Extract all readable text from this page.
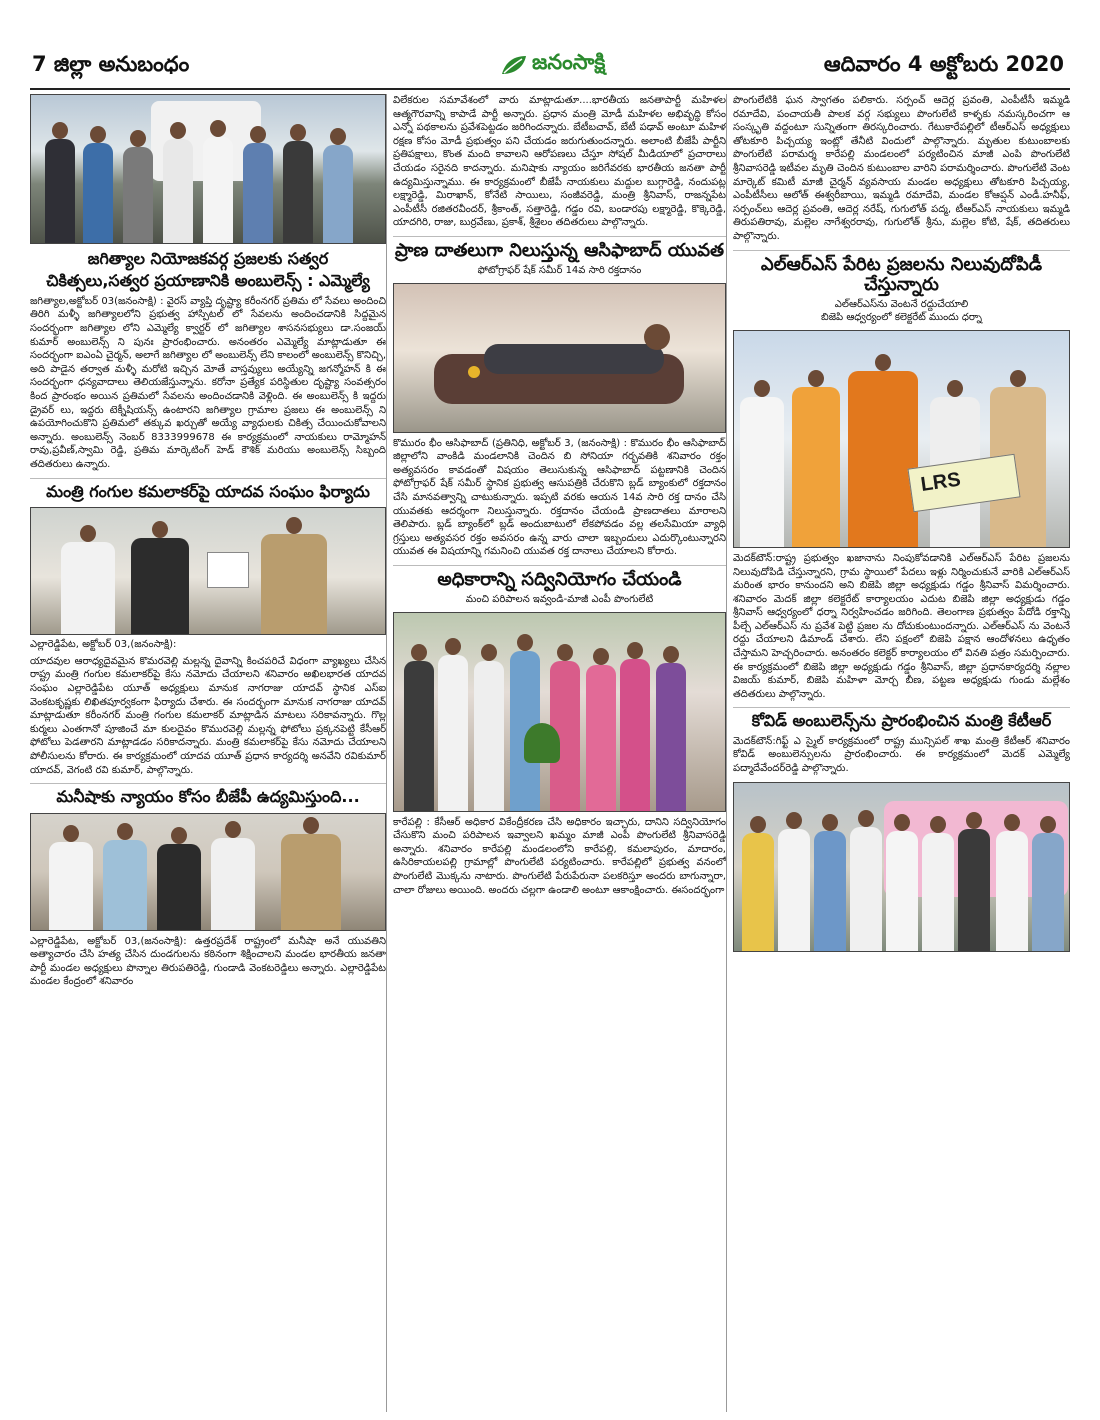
7 జిల్లా అనుబంధం	జనంసాక్షి	ఆదివారం 4 అక్టోబరు 2020
జగిత్యాల నియోజకవర్గ ప్రజలకు సత్వర
చికిత్సలు,సత్వర ప్రయాణానికి అంబులెన్స్ : ఎమ్మెల్యే
జగిత్యాల,అక్టోబర్ 03(జనంసాక్షి) : వైరస్ వ్యాప్తి దృష్ట్యా కరీంనగర్ ప్రతిమ లో సేవలు అందించి తిరిగి మళ్ళీ జగిత్యాలలోని ప్రభుత్వ హాస్పిటల్ లో సేవలను అందించడానికి సిద్దమైన సందర్భంగా జగిత్యాల లోని ఎమ్మెల్యే క్వార్టర్ లో జగిత్యాల శాసనసభ్యులు డా.సంజయ్ కుమార్ అంబులెన్స్ ని పునః ప్రారంభించారు. అనంతరం ఎమ్మెల్యే మాట్లాడుతూ ఈ సందర్భంగా ఐఎంఏ చైర్మన్, అలాగే జగిత్యాల లో అంబులెన్స్ లేని కాలంలో అంబులెన్స్ కొనిచ్చి, అది పాడైన తర్వాత మళ్ళీ మరోటి ఇచ్చిన మోతే వాస్తవ్యులు అయ్యేన్ని జగన్మోహన్ కి ఈ సందర్భంగా ధన్యవాదాలు తెలియజేస్తున్నాను. కరోనా ప్రత్యేక పరిస్థితుల దృష్ట్యా సంవత్సరం కింద ప్రారంభం అయిన ప్రతిమలో సేవలను అందించడానికి వెళ్లింది. ఈ అంబులెన్స్ కి ఇద్దరు డ్రైవర్ లు, ఇద్దరు టెక్నీషియన్స్ ఉంటారని జగిత్యాల గ్రామాల ప్రజలు ఈ అంబులెన్స్ ని ఉపయోగించుకొని ప్రతిమలో తక్కువ ఖర్చుతో అయ్యే వ్యాధులకు చికిత్స చేయించుకోవాలని అన్నారు. అంబులెన్స్ నెంబర్ 8333999678 ఈ కార్యక్రమంలో నాయకులు రామ్మోహన్ రావు,ప్రవీణ్,స్వామి రెడ్డి, ప్రతిమ మార్కెటింగ్ హెడ్ కౌశిక్ మరియు అంబులెన్స్ సిబ్బంది తదితరులు ఉన్నారు.
మంత్రి గంగుల కమలాకర్‌పై యాదవ సంఘం ఫిర్యాదు
ఎల్లారెడ్డిపేట, అక్టోబర్ 03,(జనంసాక్షి):
యాదవుల ఆరాధ్యదైవమైన కొమరవెల్లి మల్లన్న దైవాన్ని కించపరిచే విధంగా వ్యాఖ్యలు చేసిన రాష్ట్ర మంత్రి గంగుల కమలాకర్‌పై కేసు నమోదు చేయాలని శనివారం అఖిలభారత యాదవ సంఘం ఎల్లారెడ్డిపేట యూత్ అధ్యక్షులు మానుక నాగరాజు యాదవ్ స్థానిక ఎస్ఐ వెంకటకృష్ణకు లిఖితపూర్వకంగా ఫిర్యాదు చేశారు. ఈ సందర్భంగా మానుక నాగరాజు యాదవ్ మాట్లాడుతూ కరీంనగర్ మంత్రి గంగుల కమలాకర్ మాట్లాడిన మాటలు సరికావన్నారు. గొల్ల కుర్మలు ఎంతగానో పూజించే మా కులదైవం కొమురవెల్లి మల్లన్న ఫోటోలు ప్రక్కనపెట్టి కేసీఆర్ ఫోటోలు పెడతారని మాట్లాడడం సరికాదన్నారు. మంత్రి కమలాకర్‌పై కేసు నమోదు చేయాలని పోలీసులను కోరారు. ఈ కార్యక్రమంలో యాదవ యూత్ ప్రధాన కార్యదర్శి అనవేని రవికుమార్ యాదవ్, వెగంటి రవి కుమార్, పాల్గొన్నారు.
మనీషాకు న్యాయం కోసం బీజేపీ ఉద్యమిస్తుంది...
ఎల్లారెడ్డిపేట, అక్టోబర్ 03,(జనంసాక్షి): ఉత్తరప్రదేశ్ రాష్ట్రంలో మనీషా అనే యువతిని అత్యాచారం చేసి హత్య చేసిన దుండగులను కఠినంగా శిక్షించాలని మండల భారతీయ జనతా పార్టీ మండల అధ్యక్షులు పొన్నాల తిరుపతిరెడ్డి, గుండాడి వెంకటరెడ్డిలు అన్నారు. ఎల్లారెడ్డిపేట మండల కేంద్రంలో శనివారం
విలేకరుల సమావేశంలో వారు మాట్లాడుతూ....భారతీయ జనతాపార్టీ మహిళల ఆత్మగౌరవాన్ని కాపాడే పార్టీ అన్నారు. ప్రధాన మంత్రి మోడీ మహిళల అభివృద్ధి కోసం ఎన్నో పథకాలను ప్రవేశపెట్టడం జరిగిందన్నారు. బేటీబచావ్, బేటీ పఢావ్ అంటూ మహిళ రక్షణ కోసం మోడీ ప్రభుత్వం పని చేయడం జరుగుతుందన్నారు. అలాంటి బీజేపీ పార్టీని ప్రతిపక్షాలు, కొంత మంది కావాలని ఆరోపణలు చేస్తూ సోషల్ మీడియాలో ప్రచారాలు చేయడం సరైనది కాదన్నారు. మనిషాకు న్యాయం జరిగేవరకు భారతీయ జనతా పార్టీ ఉద్యమిస్తున్నాము. ఈ కార్యక్రమంలో బీజేపీ నాయకులు మద్దుల బుగ్గారెడ్డి, నందుపట్ల లక్ష్మారెడ్డి, మిరాఖాన్, కోనేటి సాయిలు, సంజీవరెడ్డి, మంత్రి శ్రీనివాస్, రాజన్నపేట ఎంపీటీసీ రజితరవీందర్, శ్రీకాంత్, సత్తారెడ్డి, గడ్డం రవి, బండారపు లక్ష్మారెడ్డి, కొక్కెరెడ్డి, యాదగిరి, రాజు, బుర్రవేణు, ప్రకాశ్, శ్రీశైలం తదితరులు పాల్గొన్నారు.
ప్రాణ దాతలుగా నిలుస్తున్న ఆసిఫాబాద్ యువత
ఫోటోగ్రాఫర్ షేక్ సమీర్ 14వ సారి రక్తదానం
కొమురం భీం ఆసిఫాబాద్ (ప్రతినిధి, అక్టోబర్ 3, (జనంసాక్షి) : కొమురం భీం ఆసిఫాబాద్ జిల్లాలోని వాంకిడి మండలానికి చెందిన బి సోనియా గర్భవతికి శనివారం రక్తం అత్యవసరం కావడంతో విషయం తెలుసుకున్న ఆసిఫాబాద్ పట్టణానికి చెందిన ఫోటోగ్రాఫర్ షేక్ సమీర్ స్థానిక ప్రభుత్వ ఆసుపత్రికి చేరుకొని బ్లడ్ బ్యాంకులో రక్తదానం చేసి మానవత్వాన్ని చాటుకున్నారు. ఇప్పటి వరకు ఆయన 14వ సారి రక్త దానం చేసి యువతకు ఆదర్శంగా నిలుస్తున్నారు. రక్తదానం చేయండి ప్రాణదాతలు మారాలని తెలిపారు. బ్లడ్ బ్యాంక్‌లో బ్లడ్ అందుబాటులో లేకపోవడం వల్ల తలసేమియా వ్యాధి గ్రస్తులు అత్యవసర రక్తం అవసరం ఉన్న వారు చాలా ఇబ్బందులు ఎదుర్కొంటున్నారని యువత ఈ విషయాన్ని గమనించి యువత రక్త దానాలు చేయాలని కోరారు.
అధికారాన్ని సద్వినియోగం చేయండి
మంచి పరిపాలన ఇవ్వండి-మాజీ ఎంపీ పొంగులేటి
కారేపల్లి : కేసీఆర్ అధికార వికేంద్రీకరణ చేసి అధికారం ఇచ్చారు, దానిని సద్వినియోగం చేసుకొని మంచి పరిపాలన ఇవ్వాలని ఖమ్మం మాజీ ఎంపీ పొంగులేటి శ్రీనివాసరెడ్డి అన్నారు. శనివారం కారేపల్లి మండలంలోని కారేపల్లి, కమలాపురం, మాదారం, ఉసిరికాయలపల్లి గ్రామాల్లో పొంగులేటి పర్యటించారు. కారేపల్లిలో ప్రభుత్వ వనంలో పొంగులేటి మొక్కను నాటారు. పొంగులేటి పేరుపేరునా పలకరిస్తూ అందరు బాగున్నారా, చాలా రోజులు అయింది. అందరు చల్లగా ఉండాలి అంటూ ఆకాంక్షించారు. ఈసందర్భంగా
పొంగులేటికి ఘన స్వాగతం పలికారు. సర్పంచ్ ఆదెర్ల ప్రవంతి, ఎంపీటీసీ ఇమ్మడి రమాదేవి, పంచాయతీ పాలక వర్గ సభ్యులు పొంగులేటి కాళ్ళకు నమస్కరించగా ఆ సంస్కృతి వద్దంటూ సున్నితంగా తిరస్కరించారు. గేటుకారేపల్లిలో టీఆర్ఎస్ అధ్యక్షులు తోటకూరి పిచ్చయ్య ఇంట్లో తేనీటి విందులో పాల్గొన్నారు. మృతుల కుటుంబాలకు పొంగులేటి పరామర్శ కారేపల్లి మండలంలో పర్యటించిన మాజీ ఎంపి పొంగులేటి శ్రీనివాసరెడ్డి ఇటీవల మృతి చెందిన కుటుంబాల వారిని పరామర్శించారు. పొంగులేటి వెంట మార్కెట్ కమిటీ మాజీ చైర్మన్ వ్యవసాయ మండల అధ్యక్షులు తోటకూరి పిచ్చయ్య, ఎంపీటీసీలు ఆలోత్ ఈశ్వరీబాయి, ఇమ్మడి రమాదేవి, మండల కోఆప్షన్ ఎండీ.హనీఫ్, సర్పంచ్‌లు ఆదెర్ల ప్రవంతి, ఆదెర్ల నరేష్, గుగులోత్ పద్మ, టీఆర్ఎస్ నాయకులు ఇమ్మడి తిరుపతిరావు, మల్లెల నాగేశ్వరరావు, గుగులోత్ శ్రీను, మల్లెల కోటి, షేక్, తదితరులు పాల్గొన్నారు.
ఎల్ఆర్ఎస్ పేరిట ప్రజలను నిలువుదోపిడీ చేస్తున్నారు
ఎల్ఆర్ఎస్‌ను వెంటనే రద్దుచేయాలి
బిజెపి ఆధ్వర్యంలో కలెక్టరేట్ ముందు ధర్నా
LRS
మెదక్‌టౌన్:రాష్ట్ర ప్రభుత్వం ఖజానాను నింపుకోవడానికి ఎల్ఆర్ఎస్ పేరిట ప్రజలను నిలువుదోపిడి చేస్తున్నారని, గ్రామ స్థాయిలో పేదలు ఇళ్లు నిర్మించుకునే వారికి ఎల్ఆర్ఎస్ మరింత భారం కానుందని అని బిజెపి జిల్లా అధ్యక్షుడు గడ్డం శ్రీనివాస్ విమర్శించారు. శనివారం మెదక్ జిల్లా కలెక్టరేట్ కార్యాలయం ఎదుట బిజెపి జిల్లా అధ్యక్షుడు గడ్డం శ్రీనివాస్ ఆధ్వర్యంలో ధర్నా నిర్వహించడం జరిగింది. తెలంగాణ ప్రభుత్వం పేదోడి రక్తాన్ని పీల్చే ఎల్ఆర్ఎస్ ను ప్రవేశ పెట్టి ప్రజల ను దోచుకుంటుందన్నారు. ఎల్ఆర్ఎస్ ను వెంటనే రద్దు చేయాలని డిమాండ్ చేశారు. లేని పక్షంలో బిజెపి పక్షాన ఆందోళనలు ఉధృతం చేస్తామని హెచ్చరించారు. అనంతరం కలెక్టర్ కార్యాలయం లో వినతి పత్రం సమర్పించారు. ఈ కార్యక్రమంలో బిజెపి జిల్లా అధ్యక్షుడు గడ్డం శ్రీనివాస్, జిల్లా ప్రధానకార్యదర్శి నల్లాల విజయ్ కుమార్, బిజెపి మహిళా మోర్చ బీణ, పట్టణ అధ్యక్షుడు గుండు మల్లేశం తదితరులు పాల్గొన్నారు.
కోవిడ్ అంబులెన్స్‌ను ప్రారంభించిన మంత్రి కేటీఆర్
మెదక్‌టౌన్:గిఫ్ట్ ఎ స్మైల్ కార్యక్రమంలో రాష్ట్ర మున్సిపల్ శాఖ మంత్రి కేటీఆర్ శనివారం కోవిడ్ అంబులెన్సులను ప్రారంభించారు. ఈ కార్యక్రమంలో మెదక్ ఎమ్మెల్యే పద్మాదేవేందర్‌రెడ్డి పాల్గొన్నారు.
